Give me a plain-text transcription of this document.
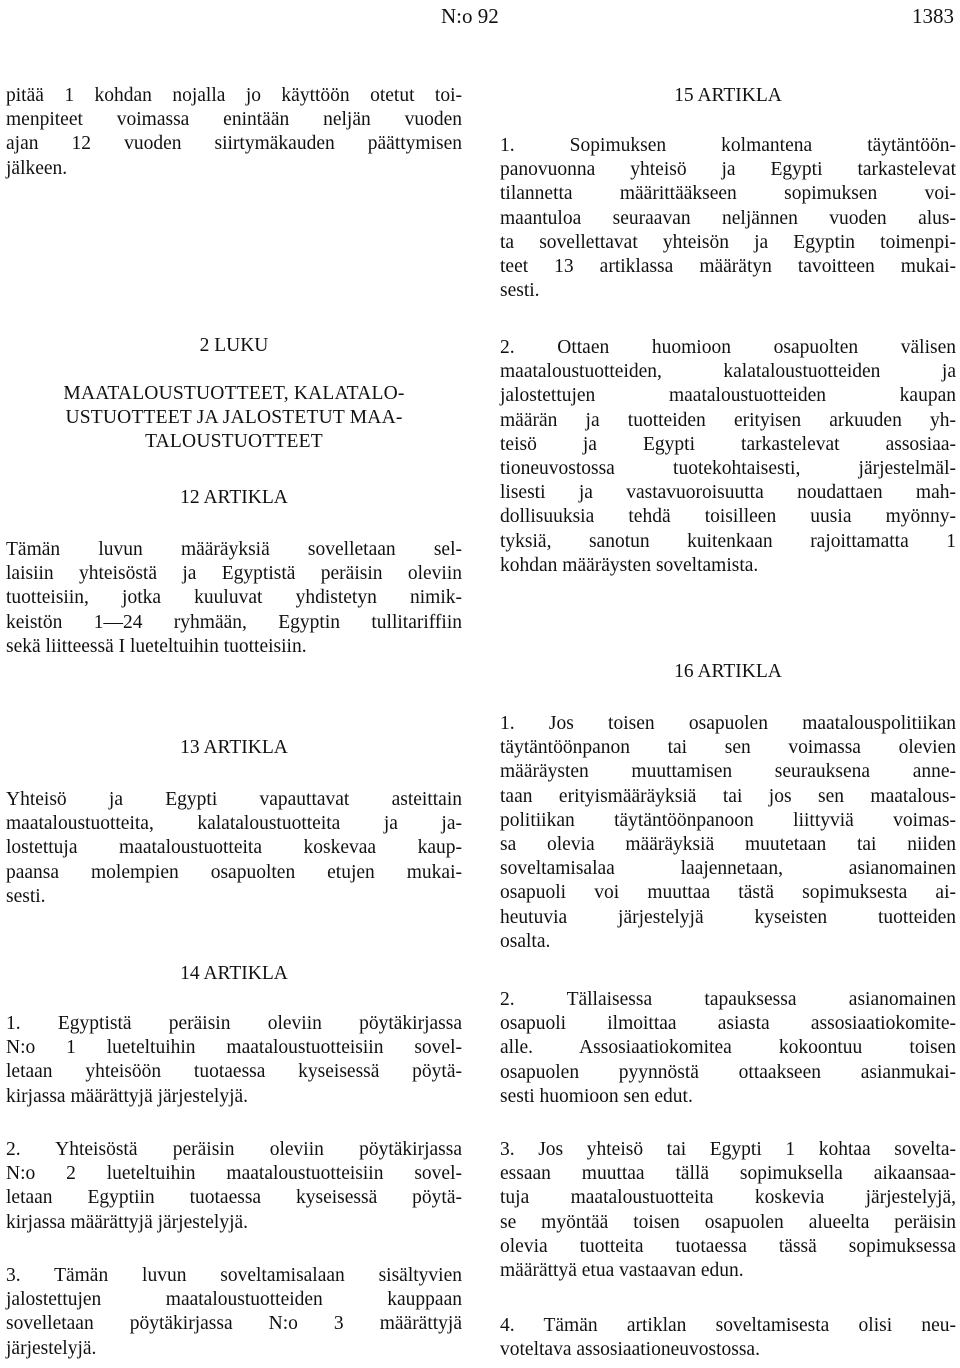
N:o 92	1383
pitää 1 kohdan nojalla jo käyttöön otetut toi-
menpiteet voimassa enintään neljän vuoden
ajan 12 vuoden siirtymäkauden päättymisen
jälkeen.
2 LUKU
MAATALOUSTUOTTEET, KALATALO-
USTUOTTEET JA JALOSTETUT MAA-
TALOUSTUOTTEET
12 ARTIKLA
Tämän luvun määräyksiä sovelletaan sel-
laisiin yhteisöstä ja Egyptistä peräisin oleviin
tuotteisiin, jotka kuuluvat yhdistetyn nimik-
keistön 1—24 ryhmään, Egyptin tullitariffiin
sekä liitteessä I lueteltuihin tuotteisiin.
13 ARTIKLA
Yhteisö ja Egypti vapauttavat asteittain
maataloustuotteita, kalataloustuotteita ja ja-
lostettuja maataloustuotteita koskevaa kaup-
paansa molempien osapuolten etujen mukai-
sesti.
14 ARTIKLA
1. Egyptistä peräisin oleviin pöytäkirjassa
N:o 1 lueteltuihin maataloustuotteisiin sovel-
letaan yhteisöön tuotaessa kyseisessä pöytä-
kirjassa määrättyjä järjestelyjä.
2. Yhteisöstä peräisin oleviin pöytäkirjassa
N:o 2 lueteltuihin maataloustuotteisiin sovel-
letaan Egyptiin tuotaessa kyseisessä pöytä-
kirjassa määrättyjä järjestelyjä.
3. Tämän luvun soveltamisalaan sisältyvien
jalostettujen maataloustuotteiden kauppaan
sovelletaan pöytäkirjassa N:o 3 määrättyjä
järjestelyjä.
15 ARTIKLA
1. Sopimuksen kolmantena täytäntöön-
panovuonna yhteisö ja Egypti tarkastelevat
tilannetta määrittääkseen sopimuksen voi-
maantuloa seuraavan neljännen vuoden alus-
ta sovellettavat yhteisön ja Egyptin toimenpi-
teet 13 artiklassa määrätyn tavoitteen mukai-
sesti.
2. Ottaen huomioon osapuolten välisen
maataloustuotteiden, kalataloustuotteiden ja
jalostettujen maataloustuotteiden kaupan
määrän ja tuotteiden erityisen arkuuden yh-
teisö ja Egypti tarkastelevat assosiaa-
tioneuvostossa tuotekohtaisesti, järjestelmäl-
lisesti ja vastavuoroisuutta noudattaen mah-
dollisuuksia tehdä toisilleen uusia myönny-
tyksiä, sanotun kuitenkaan rajoittamatta 1
kohdan määräysten soveltamista.
16 ARTIKLA
1. Jos toisen osapuolen maatalouspolitiikan
täytäntöönpanon tai sen voimassa olevien
määräysten muuttamisen seurauksena anne-
taan erityismääräyksiä tai jos sen maatalous-
politiikan täytäntöönpanoon liittyviä voimas-
sa olevia määräyksiä muutetaan tai niiden
soveltamisalaa laajennetaan, asianomainen
osapuoli voi muuttaa tästä sopimuksesta ai-
heutuvia järjestelyjä kyseisten tuotteiden
osalta.
2. Tällaisessa tapauksessa asianomainen
osapuoli ilmoittaa asiasta assosiaatiokomite-
alle. Assosiaatiokomitea kokoontuu toisen
osapuolen pyynnöstä ottaakseen asianmukai-
sesti huomioon sen edut.
3. Jos yhteisö tai Egypti 1 kohtaa sovelta-
essaan muuttaa tällä sopimuksella aikaansaa-
tuja maataloustuotteita koskevia järjestelyjä,
se myöntää toisen osapuolen alueelta peräisin
olevia tuotteita tuotaessa tässä sopimuksessa
määrättyä etua vastaavan edun.
4. Tämän artiklan soveltamisesta olisi neu-
voteltava assosiaationeuvostossa.
